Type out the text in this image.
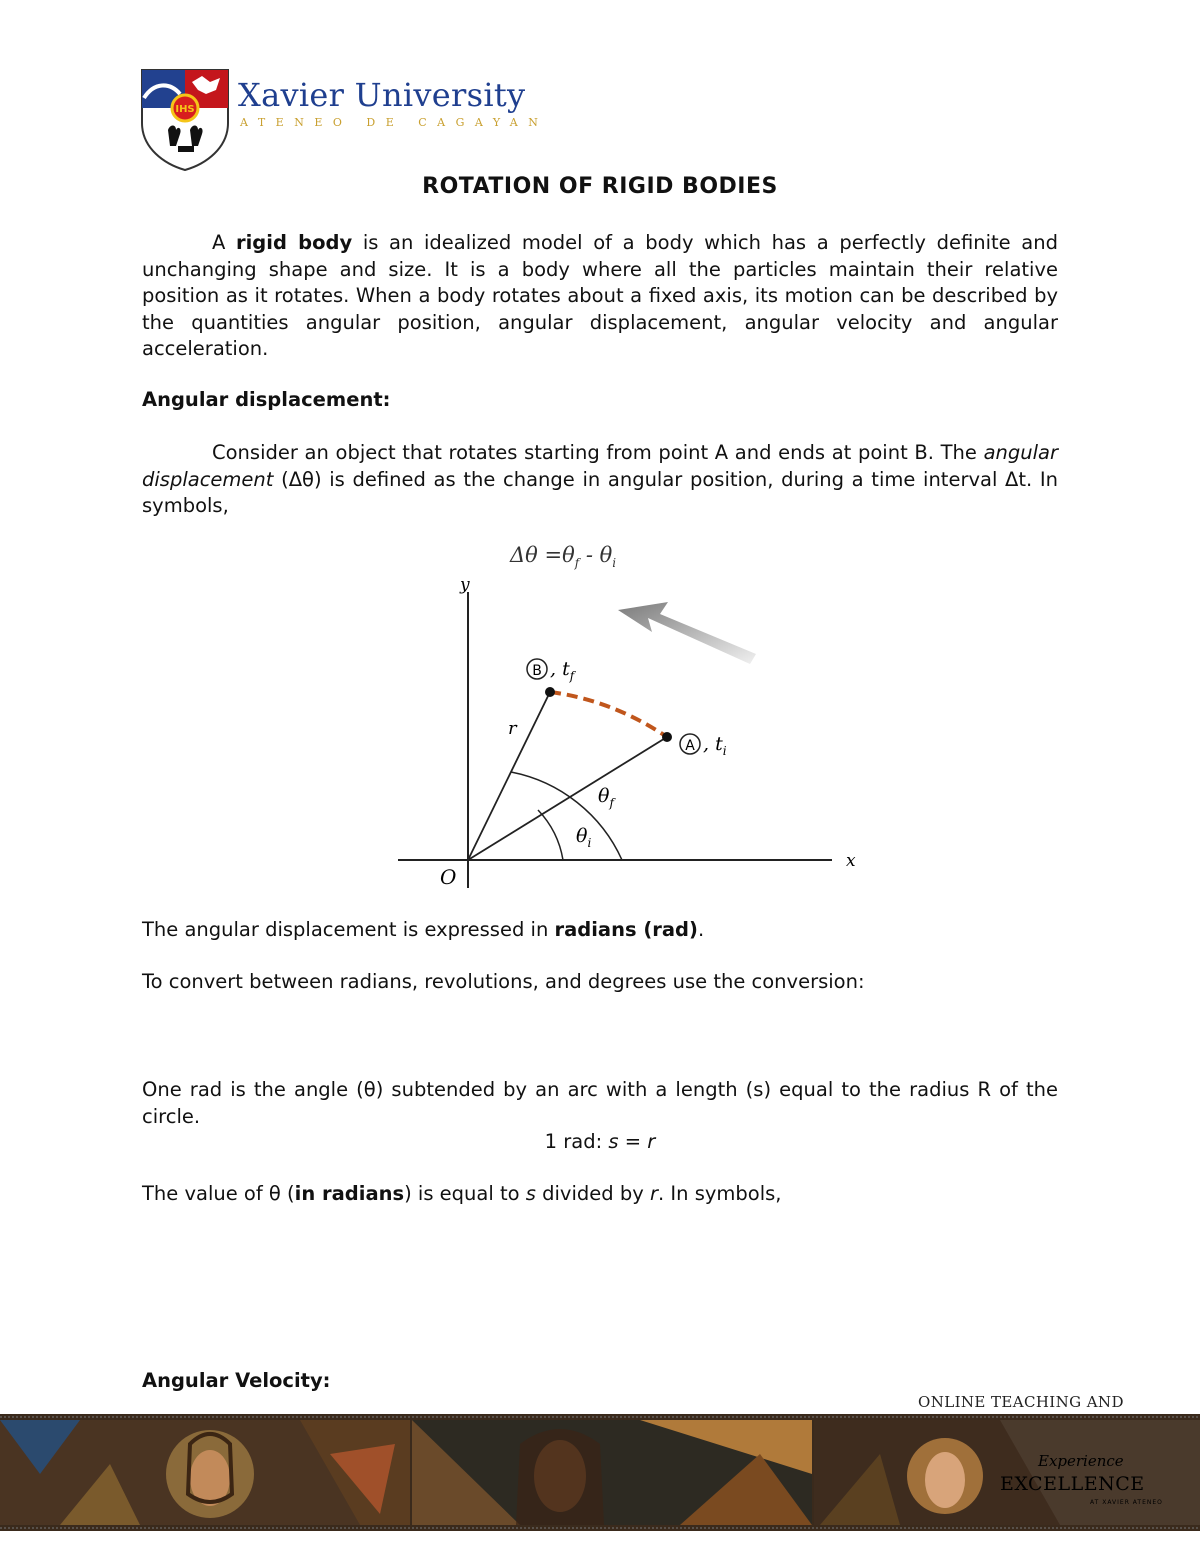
IHS Xavier University
ATENEO DE CAGAYAN
ROTATION OF RIGID BODIES

A rigid body is an idealized model of a body which has a perfectly definite and unchanging shape and size. It is a body where all the particles maintain their relative position as it rotates. When a body rotates about a fixed axis, its motion can be described by the quantities angular position, angular displacement, angular velocity and angular acceleration.

Angular displacement:

Consider an object that rotates starting from point A and ends at point B. The angular displacement (Δθ) is defined as the change in angular position, during a time interval Δt. In symbols,

$\Delta\theta =\theta_f - \theta_i$
y
x
O
r
$\theta_f$
$\theta_i$
B , $t_f$
A , $t_i$

The angular displacement is expressed in radians (rad).

To convert between radians, revolutions, and degrees use the conversion:

One rad is the angle (θ) subtended by an arc with a length (s) equal to the radius R of the circle.

1 rad: s = r

The value of θ (in radians) is equal to s divided by r. In symbols,

Angular Velocity:

ONLINE TEACHING AND
Experience
EXCELLENCE
AT XAVIER ATENEO
